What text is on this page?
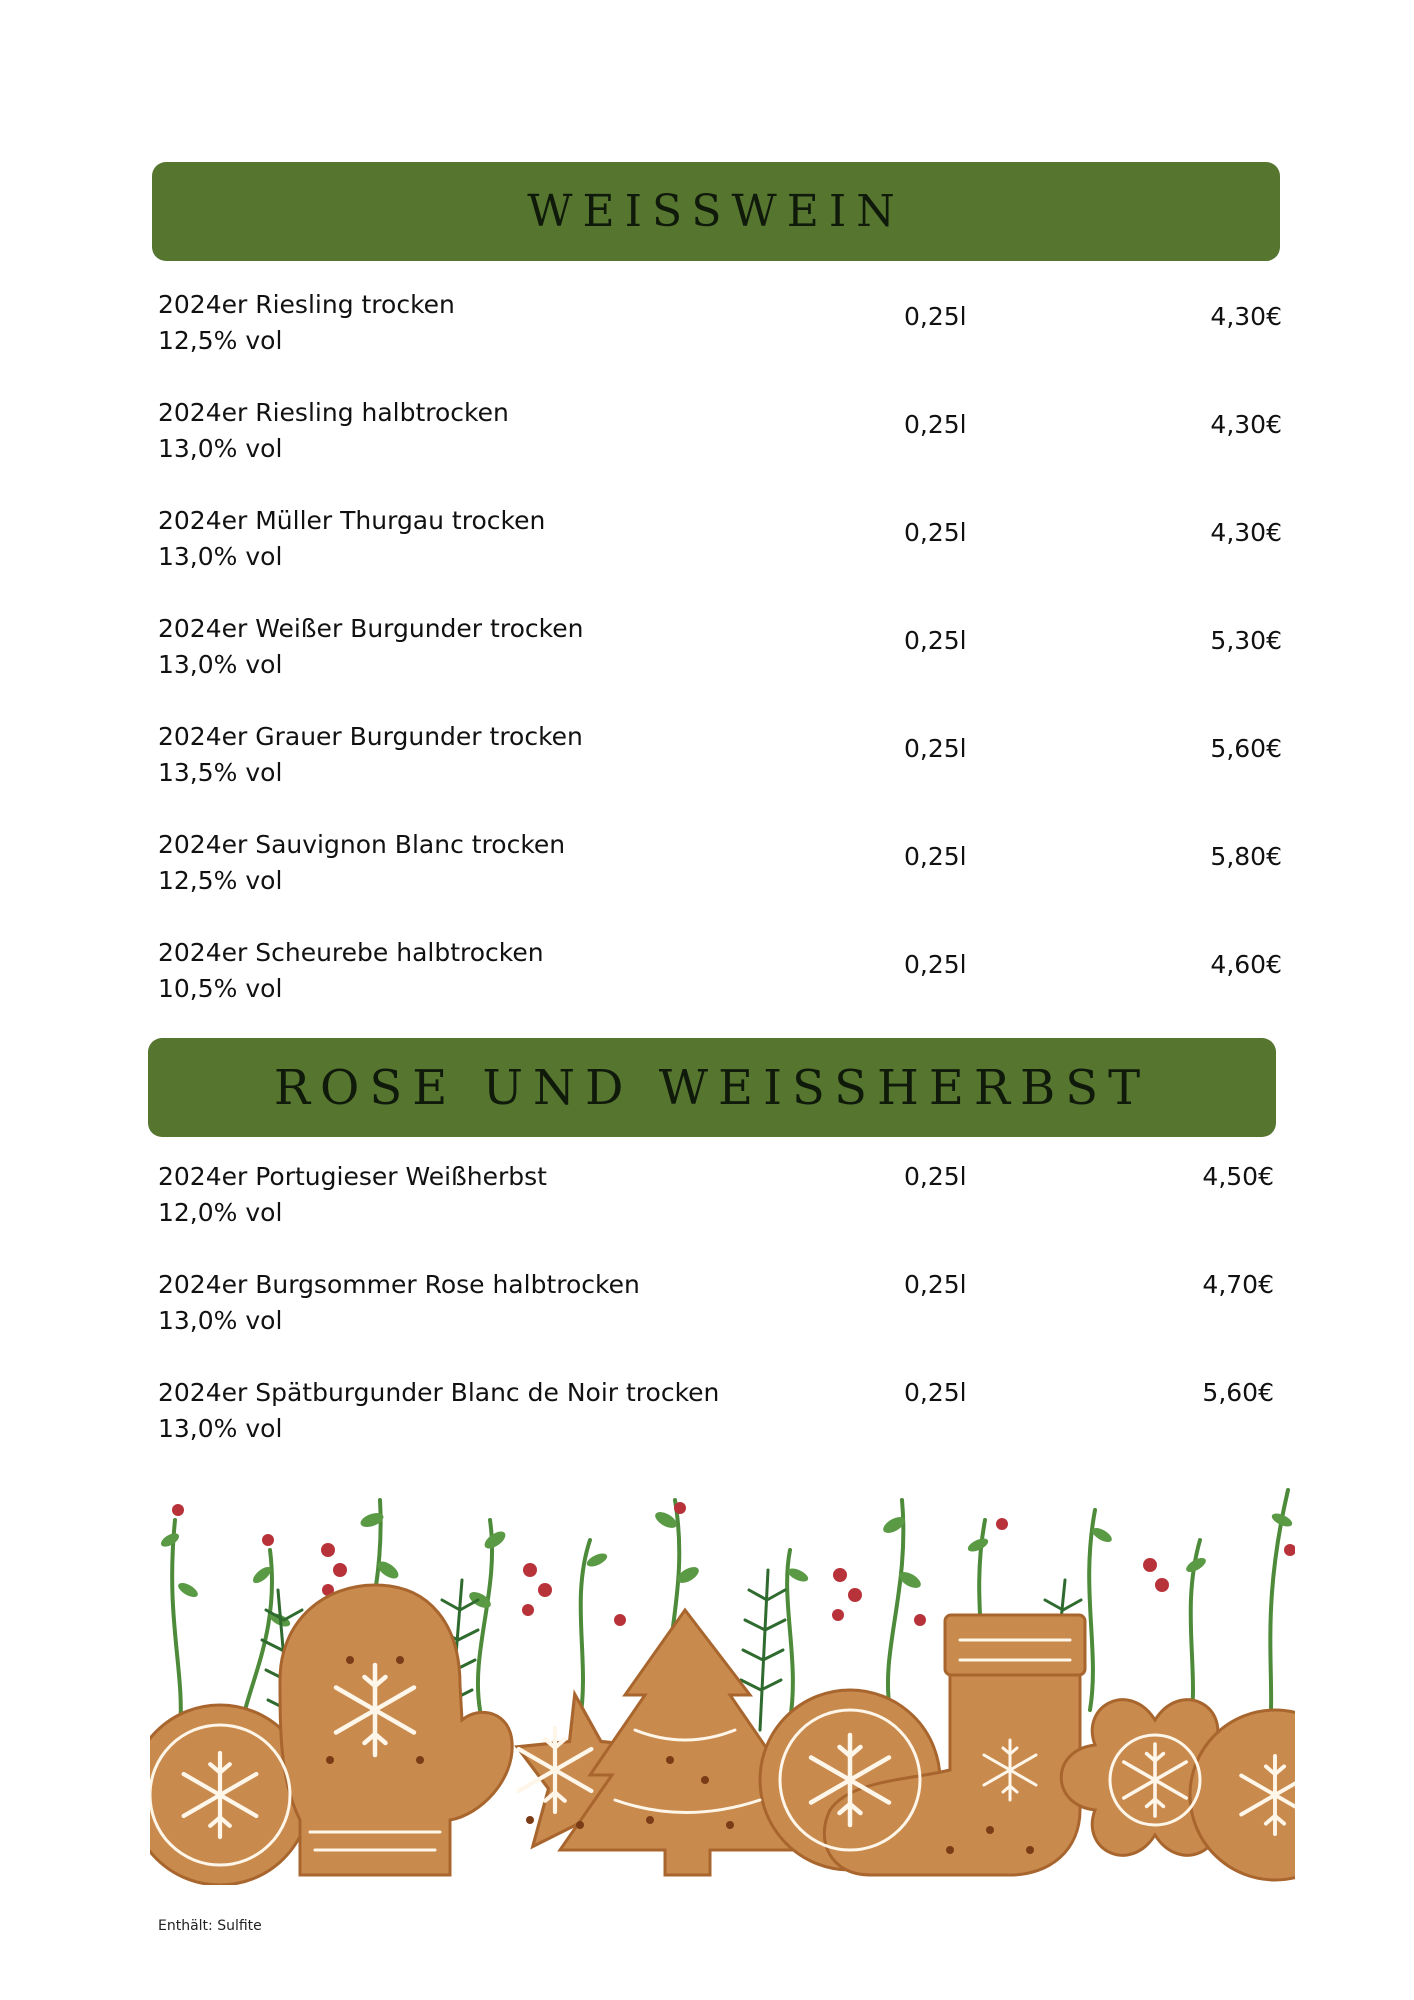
WEISSWEIN
2024er Riesling trocken
12,5% vol
0,25l	4,30€
2024er Riesling halbtrocken
13,0% vol
0,25l	4,30€
2024er Müller Thurgau trocken
13,0% vol
0,25l	4,30€
2024er Weißer Burgunder trocken
13,0% vol
0,25l	5,30€
2024er Grauer Burgunder trocken
13,5% vol
0,25l	5,60€
2024er Sauvignon Blanc trocken
12,5% vol
0,25l	5,80€
2024er Scheurebe halbtrocken
10,5% vol
0,25l	4,60€
ROSE UND WEISSHERBST
2024er Portugieser Weißherbst
12,0% vol
0,25l	4,50€
2024er Burgsommer Rose halbtrocken
13,0% vol
0,25l	4,70€
2024er Spätburgunder Blanc de Noir trocken
13,0% vol
0,25l	5,60€
Enthält: Sulfite
